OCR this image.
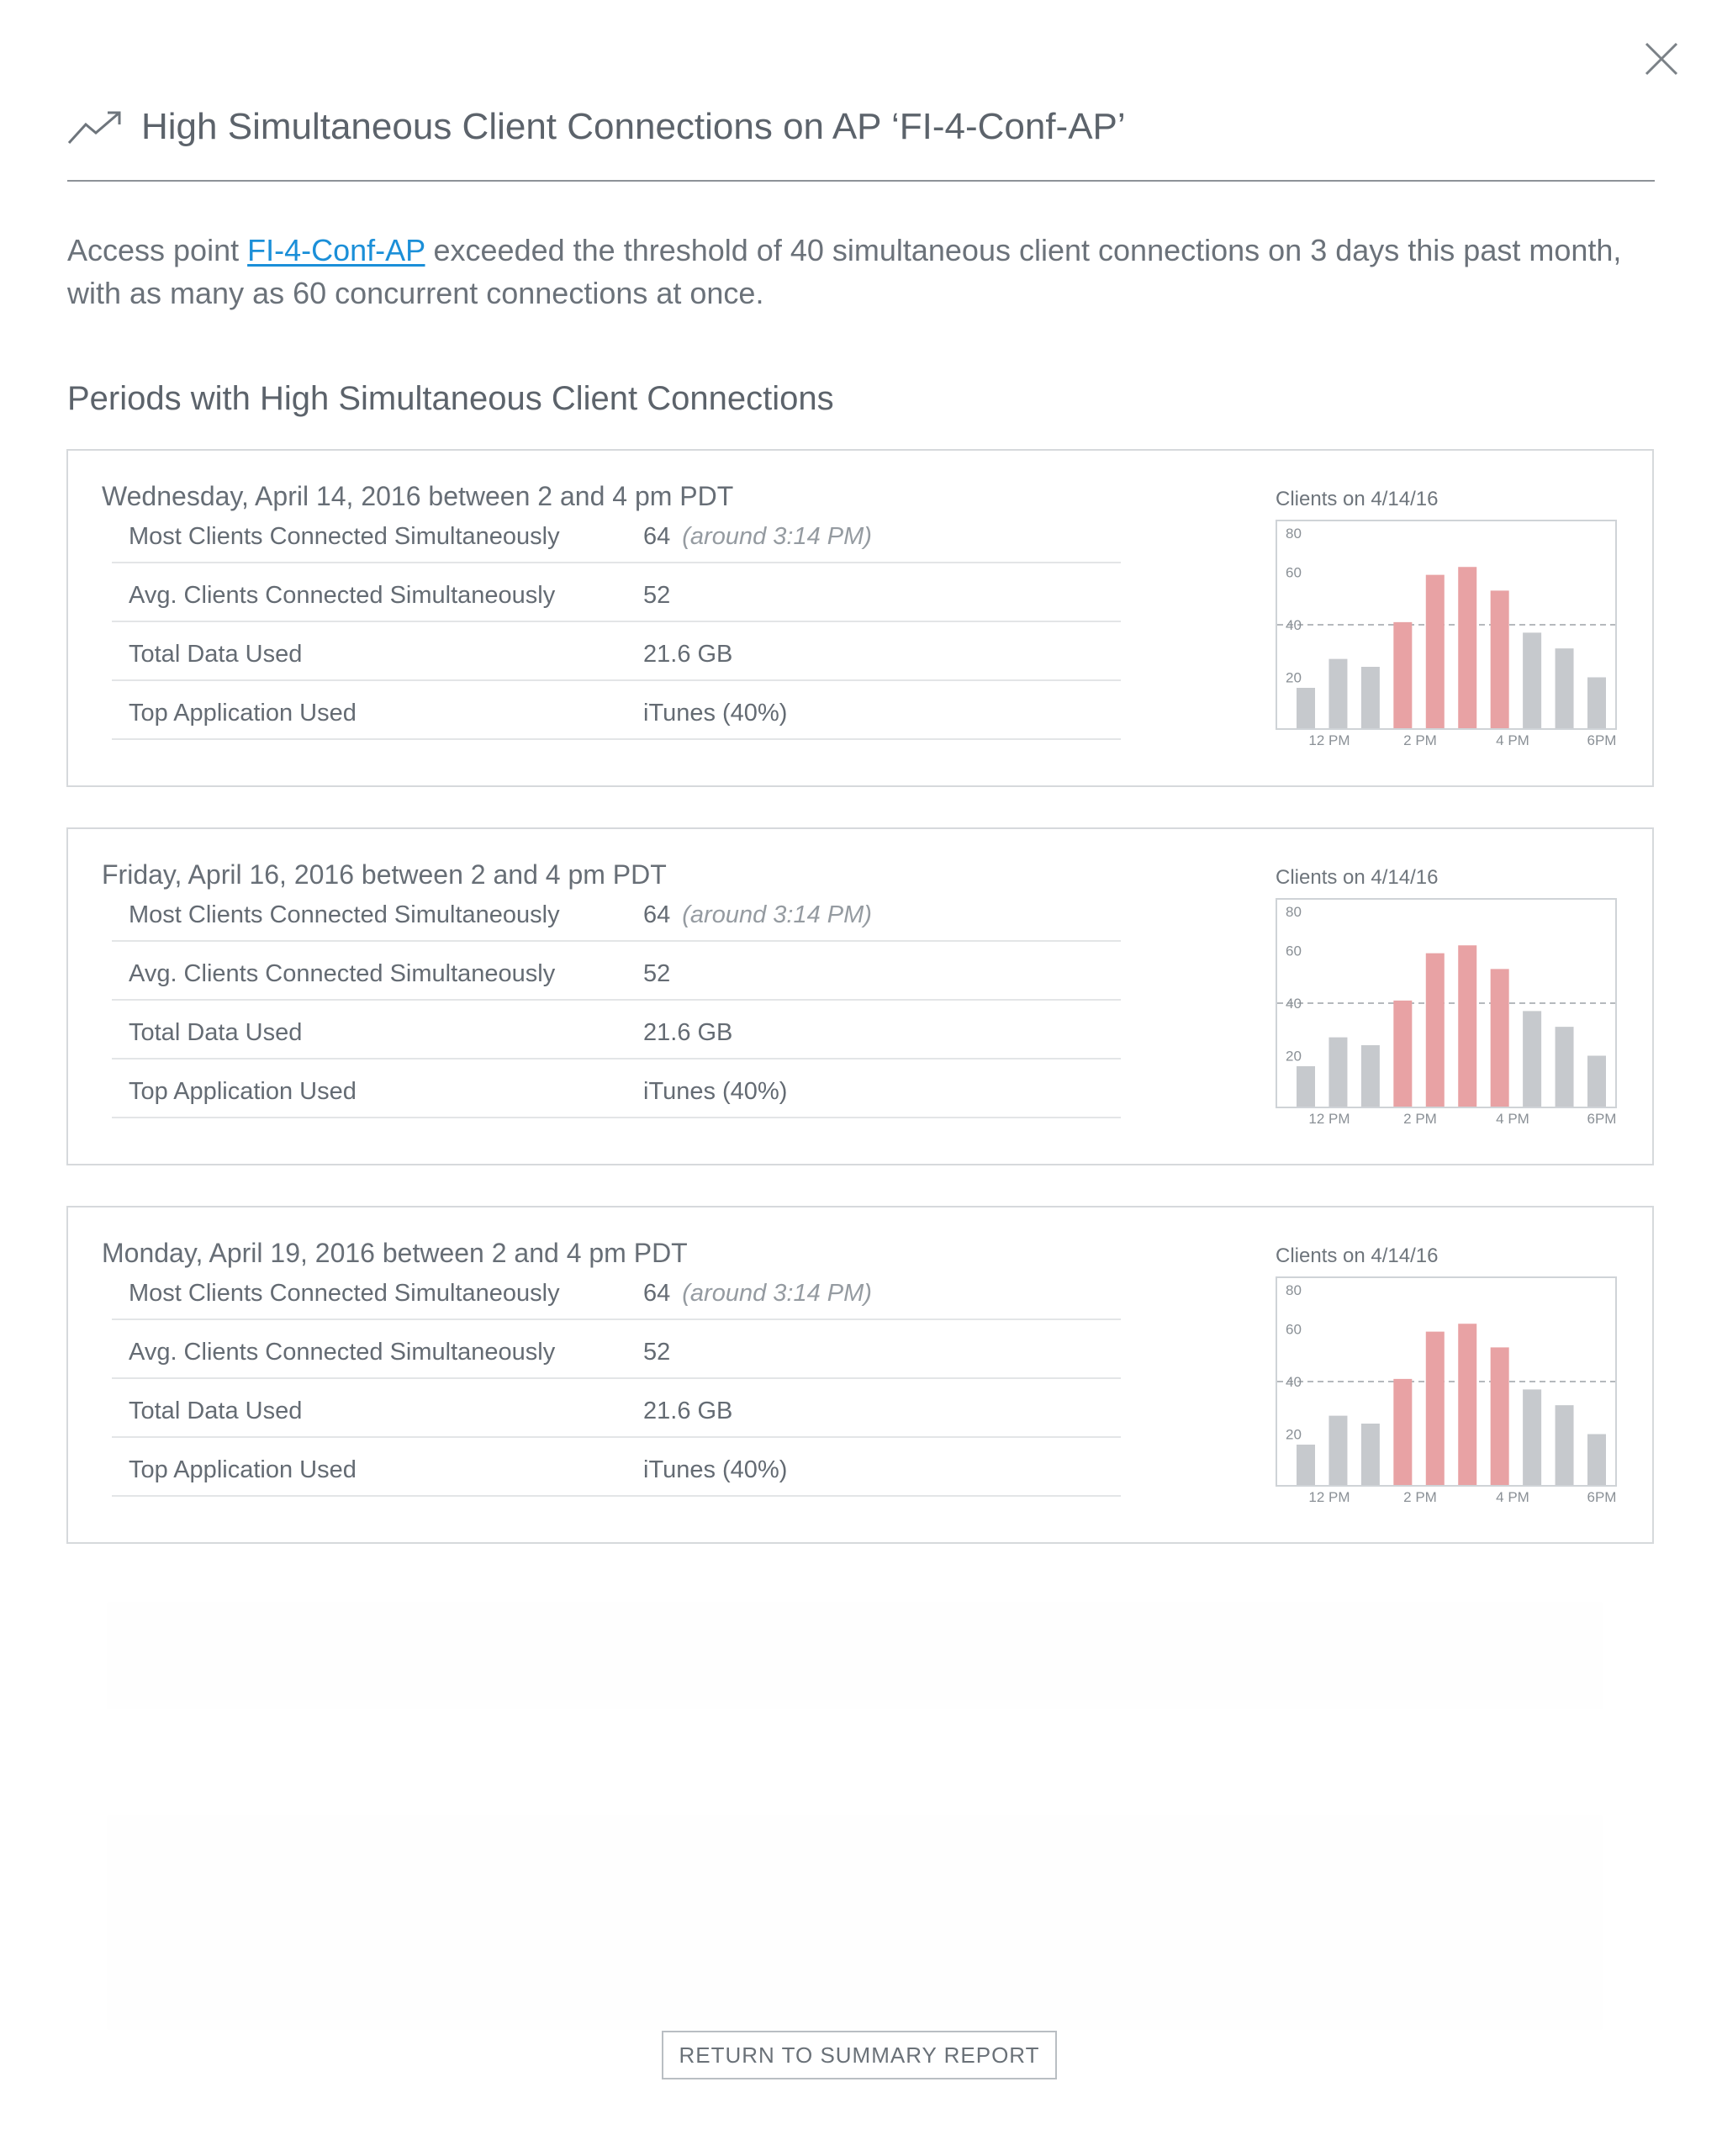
High Simultaneous Client Connections on AP ‘FI-4-Conf-AP’
Access point FI-4-Conf-AP exceeded the threshold of 40 simultaneous client connections on 3 days this past month, with as many as 60 concurrent connections at once.
Periods with High Simultaneous Client Connections
Wednesday, April 14, 2016 between 2 and 4 pm PDT
Most Clients Connected Simultaneously	64 (around 3:14 PM)
Avg. Clients Connected Simultaneously	52
Total Data Used	21.6 GB
Top Application Used	iTunes (40%)
Clients on 4/14/16
20
40
60
80
12 PM	2 PM	4 PM	6PM
Friday, April 16, 2016 between 2 and 4 pm PDT
Most Clients Connected Simultaneously	64 (around 3:14 PM)
Avg. Clients Connected Simultaneously	52
Total Data Used	21.6 GB
Top Application Used	iTunes (40%)
Clients on 4/14/16
20
40
60
80
12 PM	2 PM	4 PM	6PM
Monday, April 19, 2016 between 2 and 4 pm PDT
Most Clients Connected Simultaneously	64 (around 3:14 PM)
Avg. Clients Connected Simultaneously	52
Total Data Used	21.6 GB
Top Application Used	iTunes (40%)
Clients on 4/14/16
20
40
60
80
12 PM	2 PM	4 PM	6PM
RETURN TO SUMMARY REPORT
